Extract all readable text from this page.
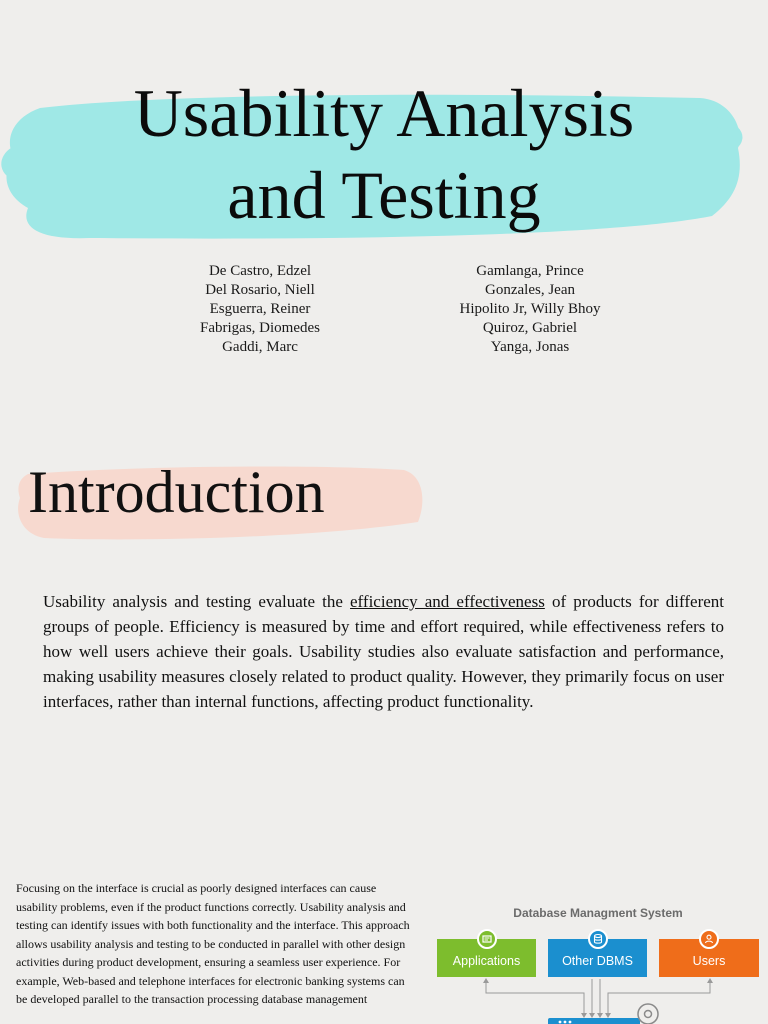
Usability Analysis
and Testing
De Castro, Edzel
Del Rosario, Niell
Esguerra, Reiner
Fabrigas, Diomedes
Gaddi, Marc
Gamlanga, Prince
Gonzales, Jean
Hipolito Jr, Willy Bhoy
Quiroz, Gabriel
Yanga, Jonas
Introduction

Usability analysis and testing evaluate the efficiency and effectiveness of products for different groups of people. Efficiency is measured by time and effort required, while effectiveness refers to how well users achieve their goals. Usability studies also evaluate satisfaction and performance, making usability measures closely related to product quality. However, they primarily focus on user interfaces, rather than internal functions, affecting product functionality.

Focusing on the interface is crucial as poorly designed interfaces can cause usability problems, even if the product functions correctly. Usability analysis and testing can identify issues with both functionality and the interface. This approach allows usability analysis and testing to be conducted in parallel with other design activities during product development, ensuring a seamless user experience. For example, Web-based and telephone interfaces for electronic banking systems can be developed parallel to the transaction processing database management

Database Managment System
Applications	Other DBMS	Users
